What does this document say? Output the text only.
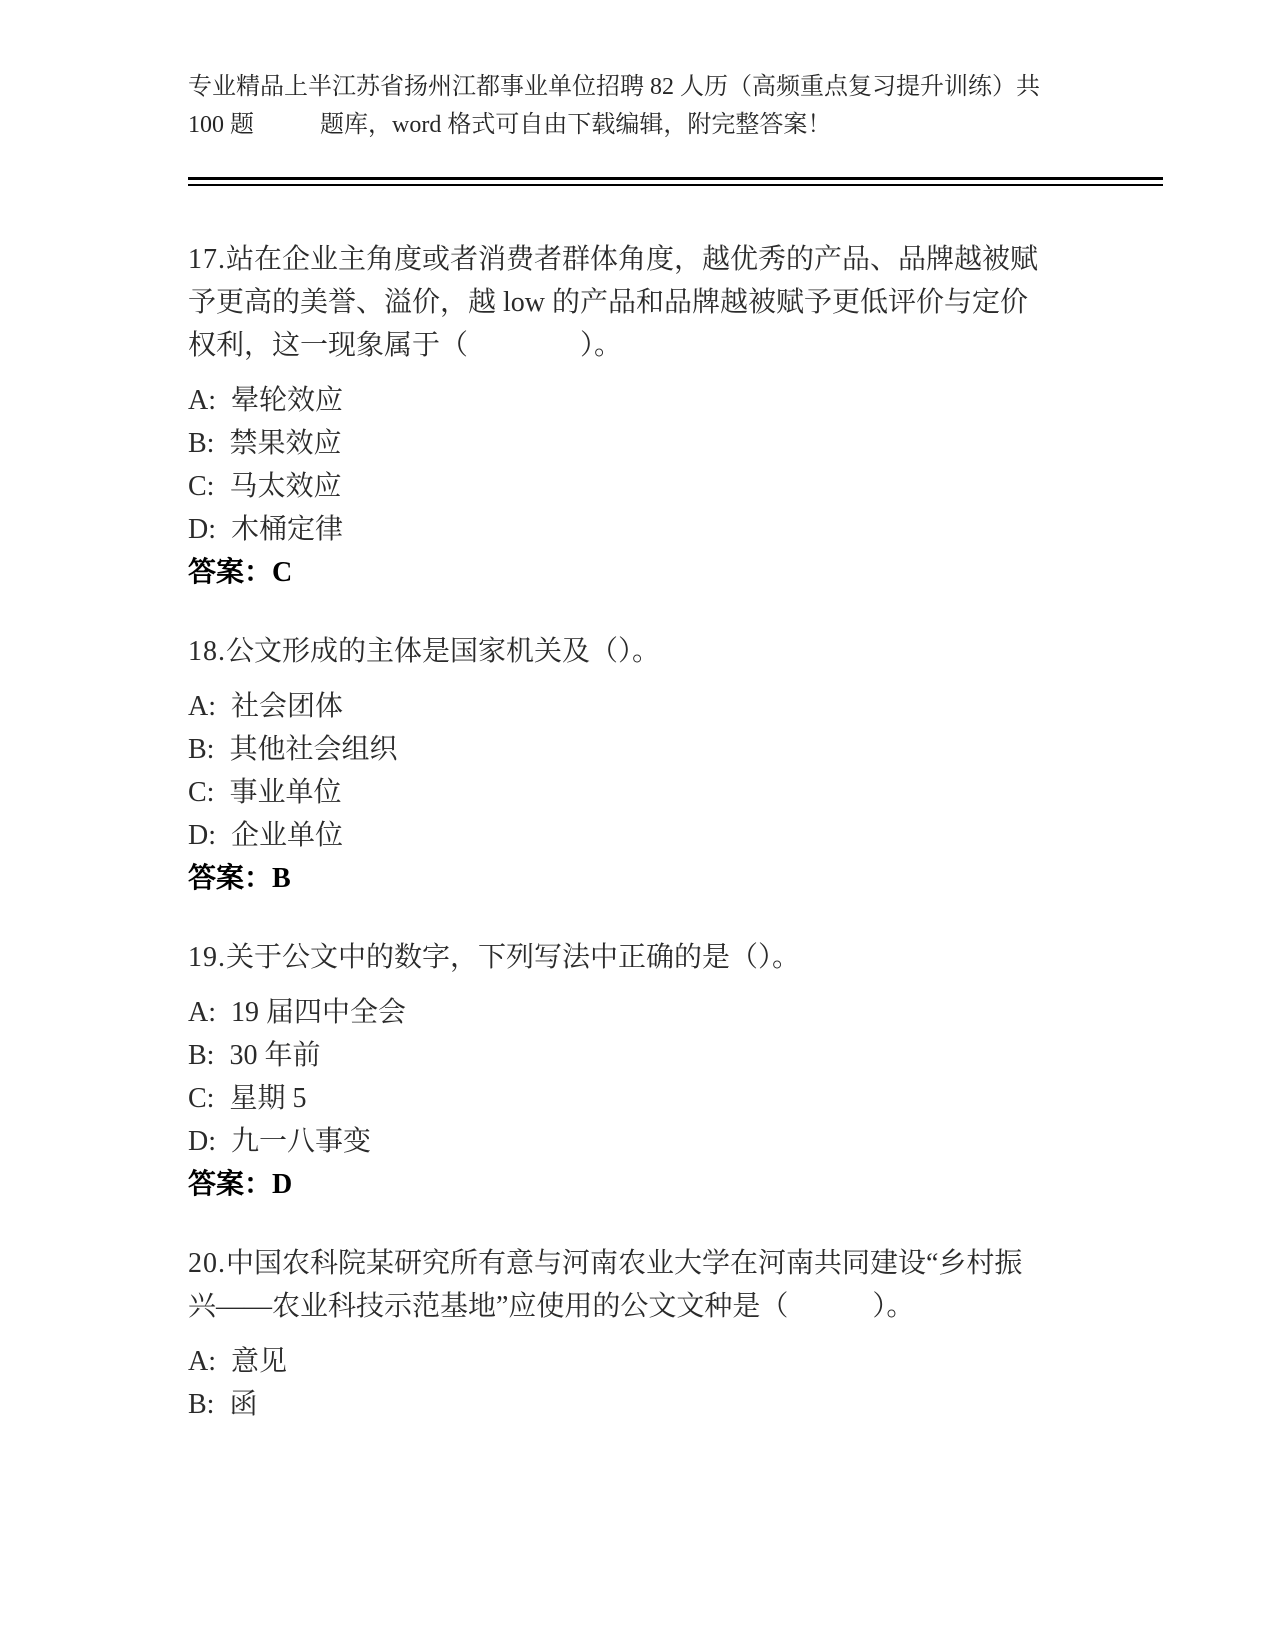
专业精品上半江苏省扬州江都事业单位招聘 82 人历（高频重点复习提升训练）共
100 题	题库，word 格式可自由下载编辑，附完整答案！

17.站在企业主角度或者消费者群体角度，越优秀的产品、品牌越被赋予更高的美誉、溢价，越 low 的产品和品牌越被赋予更低评价与定价权利，这一现象属于（　　　　）。

A: 晕轮效应
B: 禁果效应
C: 马太效应
D: 木桶定律
答案：C

18.公文形成的主体是国家机关及（）。

A: 社会团体
B: 其他社会组织
C: 事业单位
D: 企业单位
答案：B

19.关于公文中的数字，下列写法中正确的是（）。

A: 19 届四中全会
B: 30 年前
C: 星期 5
D: 九一八事变
答案：D

20.中国农科院某研究所有意与河南农业大学在河南共同建设“乡村振兴——农业科技示范基地”应使用的公文文种是（　　　）。

A: 意见
B: 函
